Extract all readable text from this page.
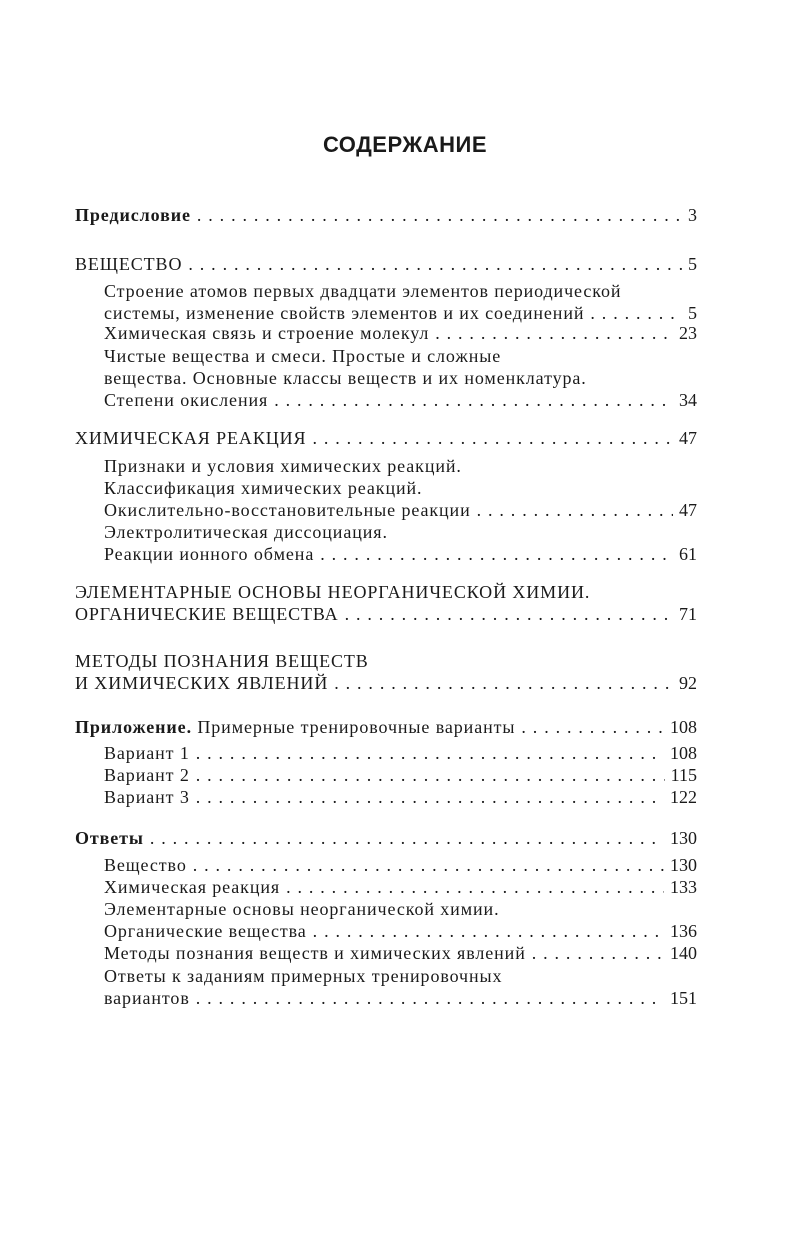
СОДЕРЖАНИЕ
Предисловие . . .	3
ВЕЩЕСТВО . . .	5
Строение атомов первых двадцати элементов периодической
системы, изменение свойств элементов и их соединений . . .	5
Химическая связь и строение молекул . . .	23
Чистые вещества и смеси. Простые и сложные
вещества. Основные классы веществ и их номенклатура.
Степени окисления . . .	34
ХИМИЧЕСКАЯ РЕАКЦИЯ . . .	47
Признаки и условия химических реакций.
Классификация химических реакций.
Окислительно-восстановительные реакции . . .	47
Электролитическая диссоциация.
Реакции ионного обмена . . .	61
ЭЛЕМЕНТАРНЫЕ ОСНОВЫ НЕОРГАНИЧЕСКОЙ ХИМИИ.
ОРГАНИЧЕСКИЕ ВЕЩЕСТВА . . .	71
МЕТОДЫ ПОЗНАНИЯ ВЕЩЕСТВ
И ХИМИЧЕСКИХ ЯВЛЕНИЙ . . .	92
Приложение. Примерные тренировочные варианты . . .	108
Вариант 1 . . .	108
Вариант 2 . . .	115
Вариант 3 . . .	122
Ответы . . .	130
Вещество . . .	130
Химическая реакция . . .	133
Элементарные основы неорганической химии.
Органические вещества . . .	136
Методы познания веществ и химических явлений . . .	140
Ответы к заданиям примерных тренировочных
вариантов . . .	151
